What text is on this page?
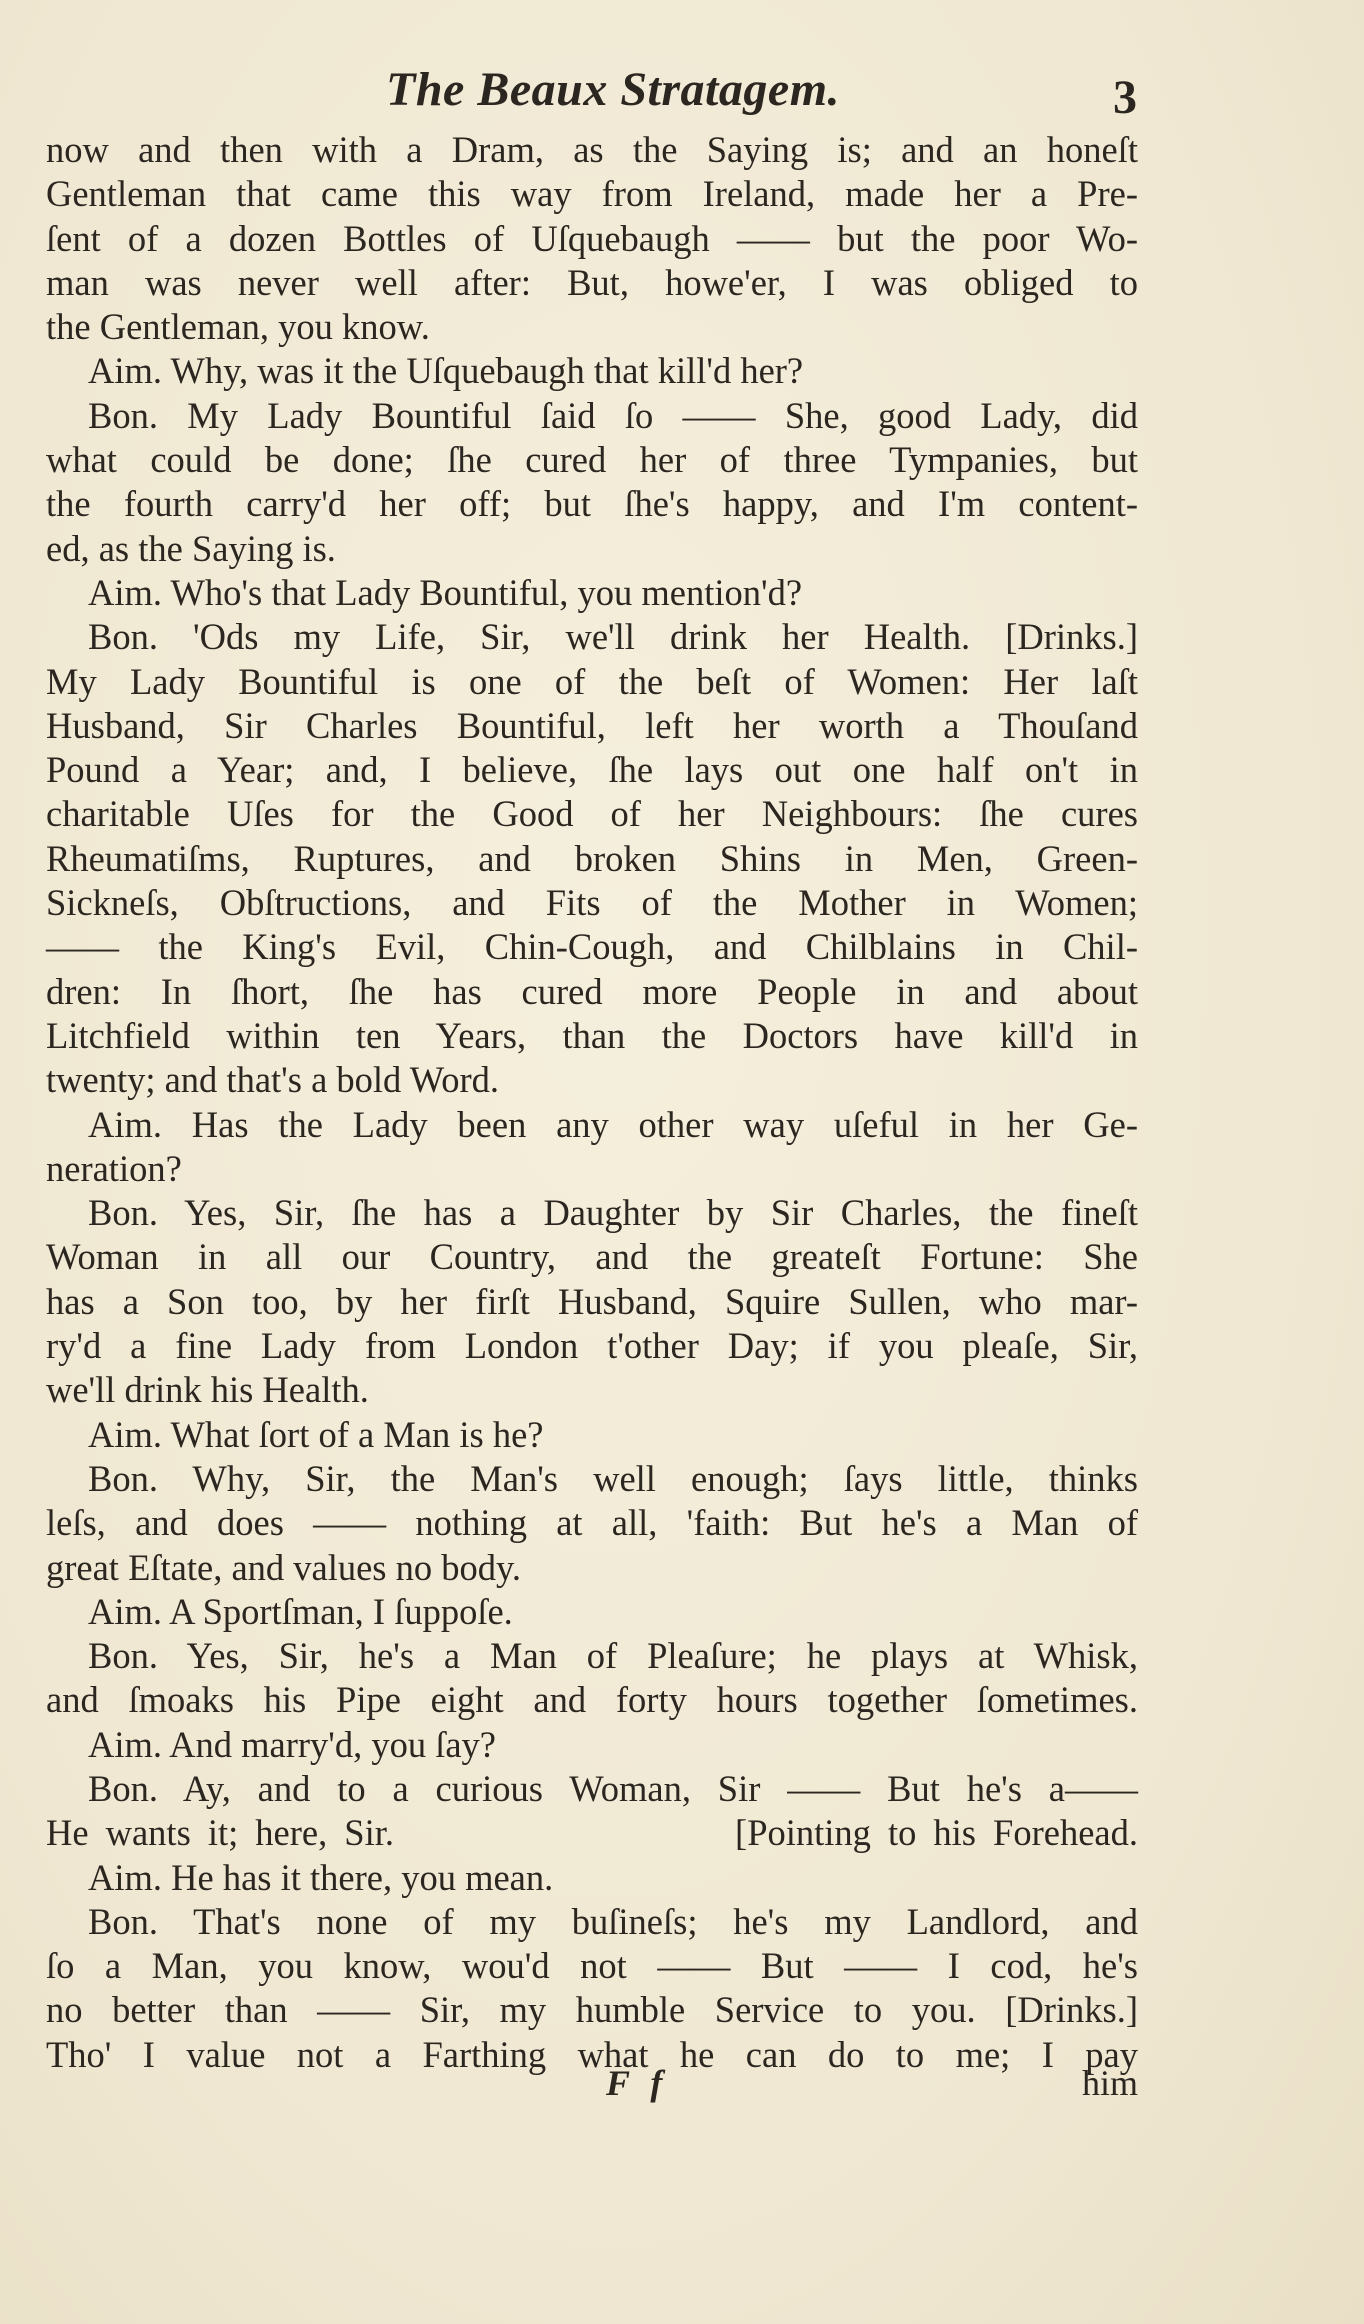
The Beaux Stratagem.	3
now and then with a Dram, as the Saying is; and an honeſt
Gentleman that came this way from Ireland, made her a Pre-
ſent of a dozen Bottles of Uſquebaugh —— but the poor Wo-
man was never well after: But, howe'er, I was obliged to
the Gentleman, you know.
Aim. Why, was it the Uſquebaugh that kill'd her?
Bon. My Lady Bountiful ſaid ſo —— She, good Lady, did
what could be done; ſhe cured her of three Tympanies, but
the fourth carry'd her off; but ſhe's happy, and I'm content-
ed, as the Saying is.
Aim. Who's that Lady Bountiful, you mention'd?
Bon. 'Ods my Life, Sir, we'll drink her Health. [Drinks.]
My Lady Bountiful is one of the beſt of Women: Her laſt
Husband, Sir Charles Bountiful, left her worth a Thouſand
Pound a Year; and, I believe, ſhe lays out one half on't in
charitable Uſes for the Good of her Neighbours: ſhe cures
Rheumatiſms, Ruptures, and broken Shins in Men, Green-
Sickneſs, Obſtructions, and Fits of the Mother in Women;
—— the King's Evil, Chin-Cough, and Chilblains in Chil-
dren: In ſhort, ſhe has cured more People in and about
Litchfield within ten Years, than the Doctors have kill'd in
twenty; and that's a bold Word.
Aim. Has the Lady been any other way uſeful in her Ge-
neration?
Bon. Yes, Sir, ſhe has a Daughter by Sir Charles, the fineſt
Woman in all our Country, and the greateſt Fortune: She
has a Son too, by her firſt Husband, Squire Sullen, who mar-
ry'd a fine Lady from London t'other Day; if you pleaſe, Sir,
we'll drink his Health.
Aim. What ſort of a Man is he?
Bon. Why, Sir, the Man's well enough; ſays little, thinks
leſs, and does —— nothing at all, 'faith: But he's a Man of
great Eſtate, and values no body.
Aim. A Sportſman, I ſuppoſe.
Bon. Yes, Sir, he's a Man of Pleaſure; he plays at Whisk,
and ſmoaks his Pipe eight and forty hours together ſometimes.
Aim. And marry'd, you ſay?
Bon. Ay, and to a curious Woman, Sir —— But he's a——
He wants it; here, Sir.                    [Pointing to his Forehead.
Aim. He has it there, you mean.
Bon. That's none of my buſineſs; he's my Landlord, and
ſo a Man, you know, wou'd not —— But —— I cod, he's
no better than —— Sir, my humble Service to you. [Drinks.]
Tho' I value not a Farthing what he can do to me; I pay
F f	him
